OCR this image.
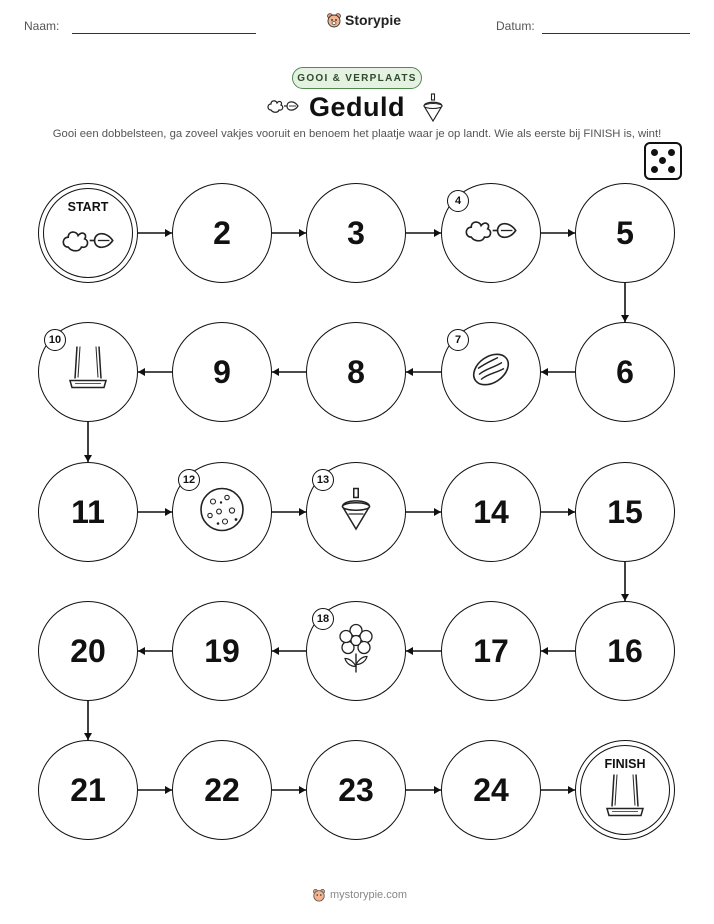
Naam:	Storypie	Datum:
GOOI & VERPLAATS
Geduld
Gooi een dobbelsteen, ga zoveel vakjes vooruit en benoem het plaatje waar je op landt. Wie als eerste bij FINISH is, wint!
START
2	3
4
5
6
7
8
9
10
11
12	13
14	15
16
17
18
19
20
21	22	23	24
FINISH
mystorypie.com
